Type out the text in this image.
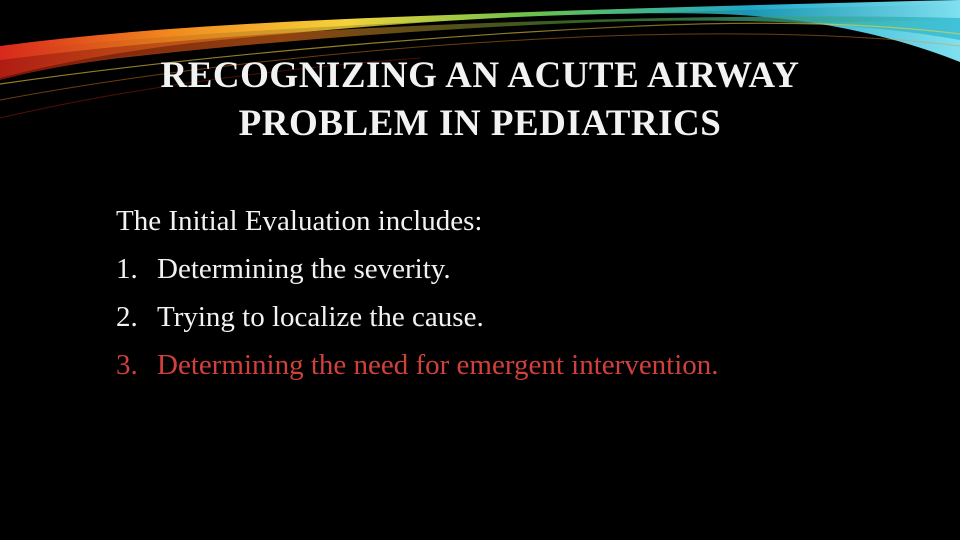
RECOGNIZING AN ACUTE AIRWAY
PROBLEM IN PEDIATRICS
The Initial Evaluation includes:
1. Determining the severity.
2. Trying to localize the cause.
3. Determining the need for emergent intervention.
